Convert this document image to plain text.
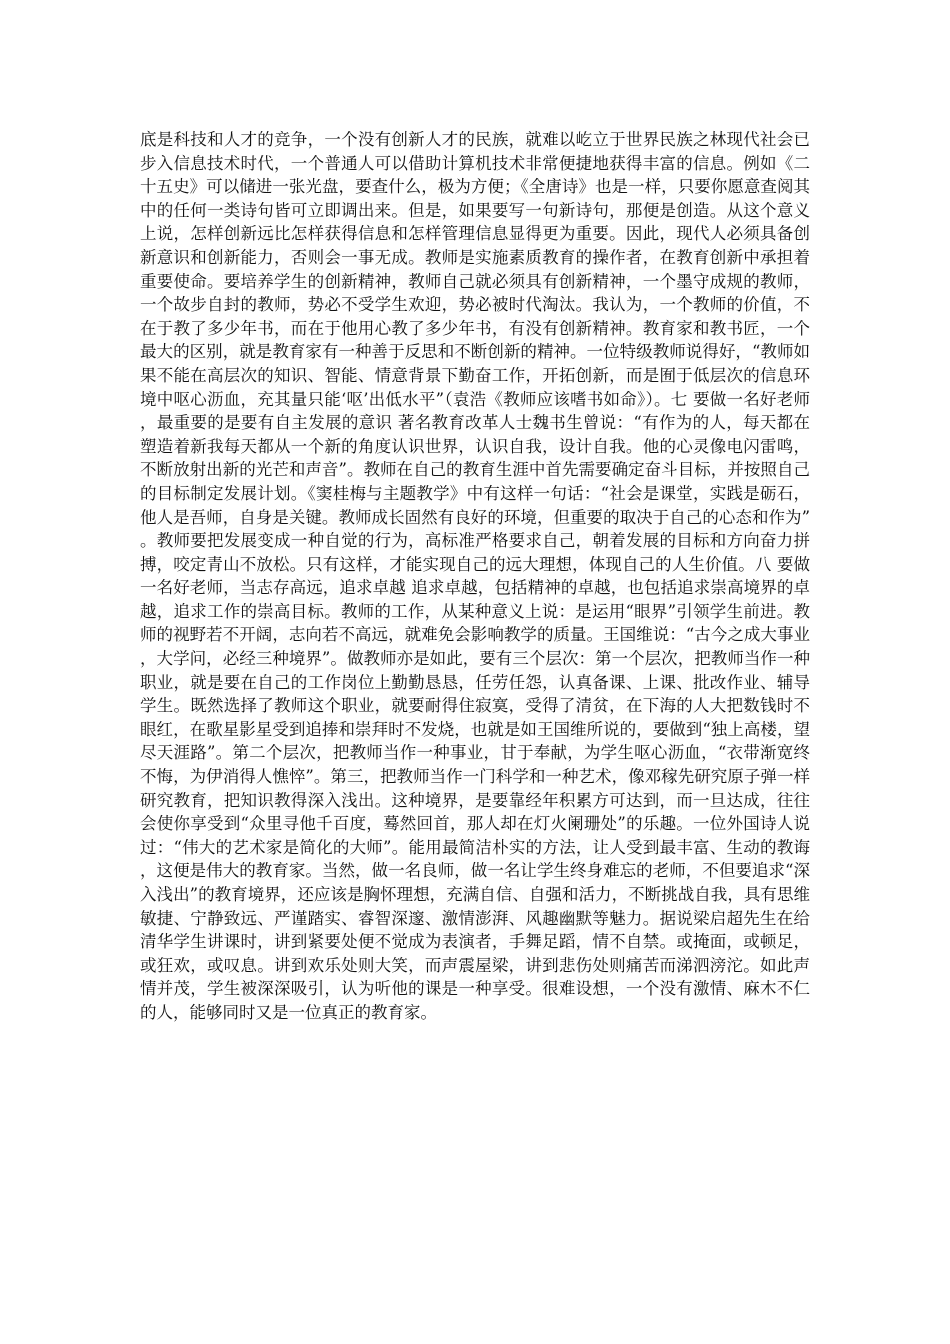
底是科技和人才的竞争，一个没有创新人才的民族，就难以屹立于世界民族之林现代社会已步入信息技术时代，一个普通人可以借助计算机技术非常便捷地获得丰富的信息。例如《二十五史》可以储进一张光盘，要查什么，极为方便；《全唐诗》也是一样，只要你愿意查阅其中的任何一类诗句皆可立即调出来。但是，如果要写一句新诗句，那便是创造。从这个意义上说，怎样创新远比怎样获得信息和怎样管理信息显得更为重要。因此，现代人必须具备创新意识和创新能力，否则会一事无成。教师是实施素质教育的操作者，在教育创新中承担着重要使命。要培养学生的创新精神，教师自己就必须具有创新精神，一个墨守成规的教师，一个故步自封的教师，势必不受学生欢迎，势必被时代淘汰。我认为，一个教师的价值，不在于教了多少年书，而在于他用心教了多少年书，有没有创新精神。教育家和教书匠，一个最大的区别，就是教育家有一种善于反思和不断创新的精神。一位特级教师说得好，“教师如果不能在高层次的知识、智能、情意背景下勤奋工作，开拓创新，而是囿于低层次的信息环境中呕心沥血，充其量只能‘呕’出低水平”（袁浩《教师应该嗜书如命》）。七 要做一名好老师，最重要的是要有自主发展的意识 著名教育改革人士魏书生曾说：“有作为的人，每天都在塑造着新我每天都从一个新的角度认识世界，认识自我，设计自我。他的心灵像电闪雷鸣，不断放射出新的光芒和声音”。教师在自己的教育生涯中首先需要确定奋斗目标，并按照自己的目标制定发展计划。《窦桂梅与主题教学》中有这样一句话：“社会是课堂，实践是砺石，他人是吾师，自身是关键。教师成长固然有良好的环境，但重要的取决于自己的心态和作为”。教师要把发展变成一种自觉的行为，高标准严格要求自己，朝着发展的目标和方向奋力拼搏，咬定青山不放松。只有这样，才能实现自己的远大理想，体现自己的人生价值。八 要做一名好老师，当志存高远，追求卓越 追求卓越，包括精神的卓越，也包括追求崇高境界的卓越，追求工作的崇高目标。教师的工作，从某种意义上说：是运用“眼界”引领学生前进。教师的视野若不开阔，志向若不高远，就难免会影响教学的质量。王国维说：“古今之成大事业，大学问，必经三种境界”。做教师亦是如此，要有三个层次：第一个层次，把教师当作一种职业，就是要在自己的工作岗位上勤勤恳恳，任劳任怨，认真备课、上课、批改作业、辅导学生。既然选择了教师这个职业，就要耐得住寂寞，受得了清贫，在下海的人大把数钱时不眼红，在歌星影星受到追捧和崇拜时不发烧，也就是如王国维所说的，要做到“独上高楼，望尽天涯路”。第二个层次，把教师当作一种事业，甘于奉献，为学生呕心沥血，“衣带渐宽终不悔，为伊消得人憔悴”。第三，把教师当作一门科学和一种艺术，像邓稼先研究原子弹一样研究教育，把知识教得深入浅出。这种境界，是要靠经年积累方可达到，而一旦达成，往往会使你享受到“众里寻他千百度，蓦然回首，那人却在灯火阑珊处”的乐趣。一位外国诗人说过：“伟大的艺术家是简化的大师”。能用最简洁朴实的方法，让人受到最丰富、生动的教诲，这便是伟大的教育家。当然，做一名良师，做一名让学生终身难忘的老师，不但要追求“深入浅出”的教育境界，还应该是胸怀理想，充满自信、自强和活力，不断挑战自我，具有思维敏捷、宁静致远、严谨踏实、睿智深邃、激情澎湃、风趣幽默等魅力。据说梁启超先生在给清华学生讲课时，讲到紧要处便不觉成为表演者，手舞足蹈，情不自禁。或掩面，或顿足，或狂欢，或叹息。讲到欢乐处则大笑，而声震屋梁，讲到悲伤处则痛苦而涕泗滂沱。如此声情并茂，学生被深深吸引，认为听他的课是一种享受。很难设想，一个没有激情、麻木不仁的人，能够同时又是一位真正的教育家。
